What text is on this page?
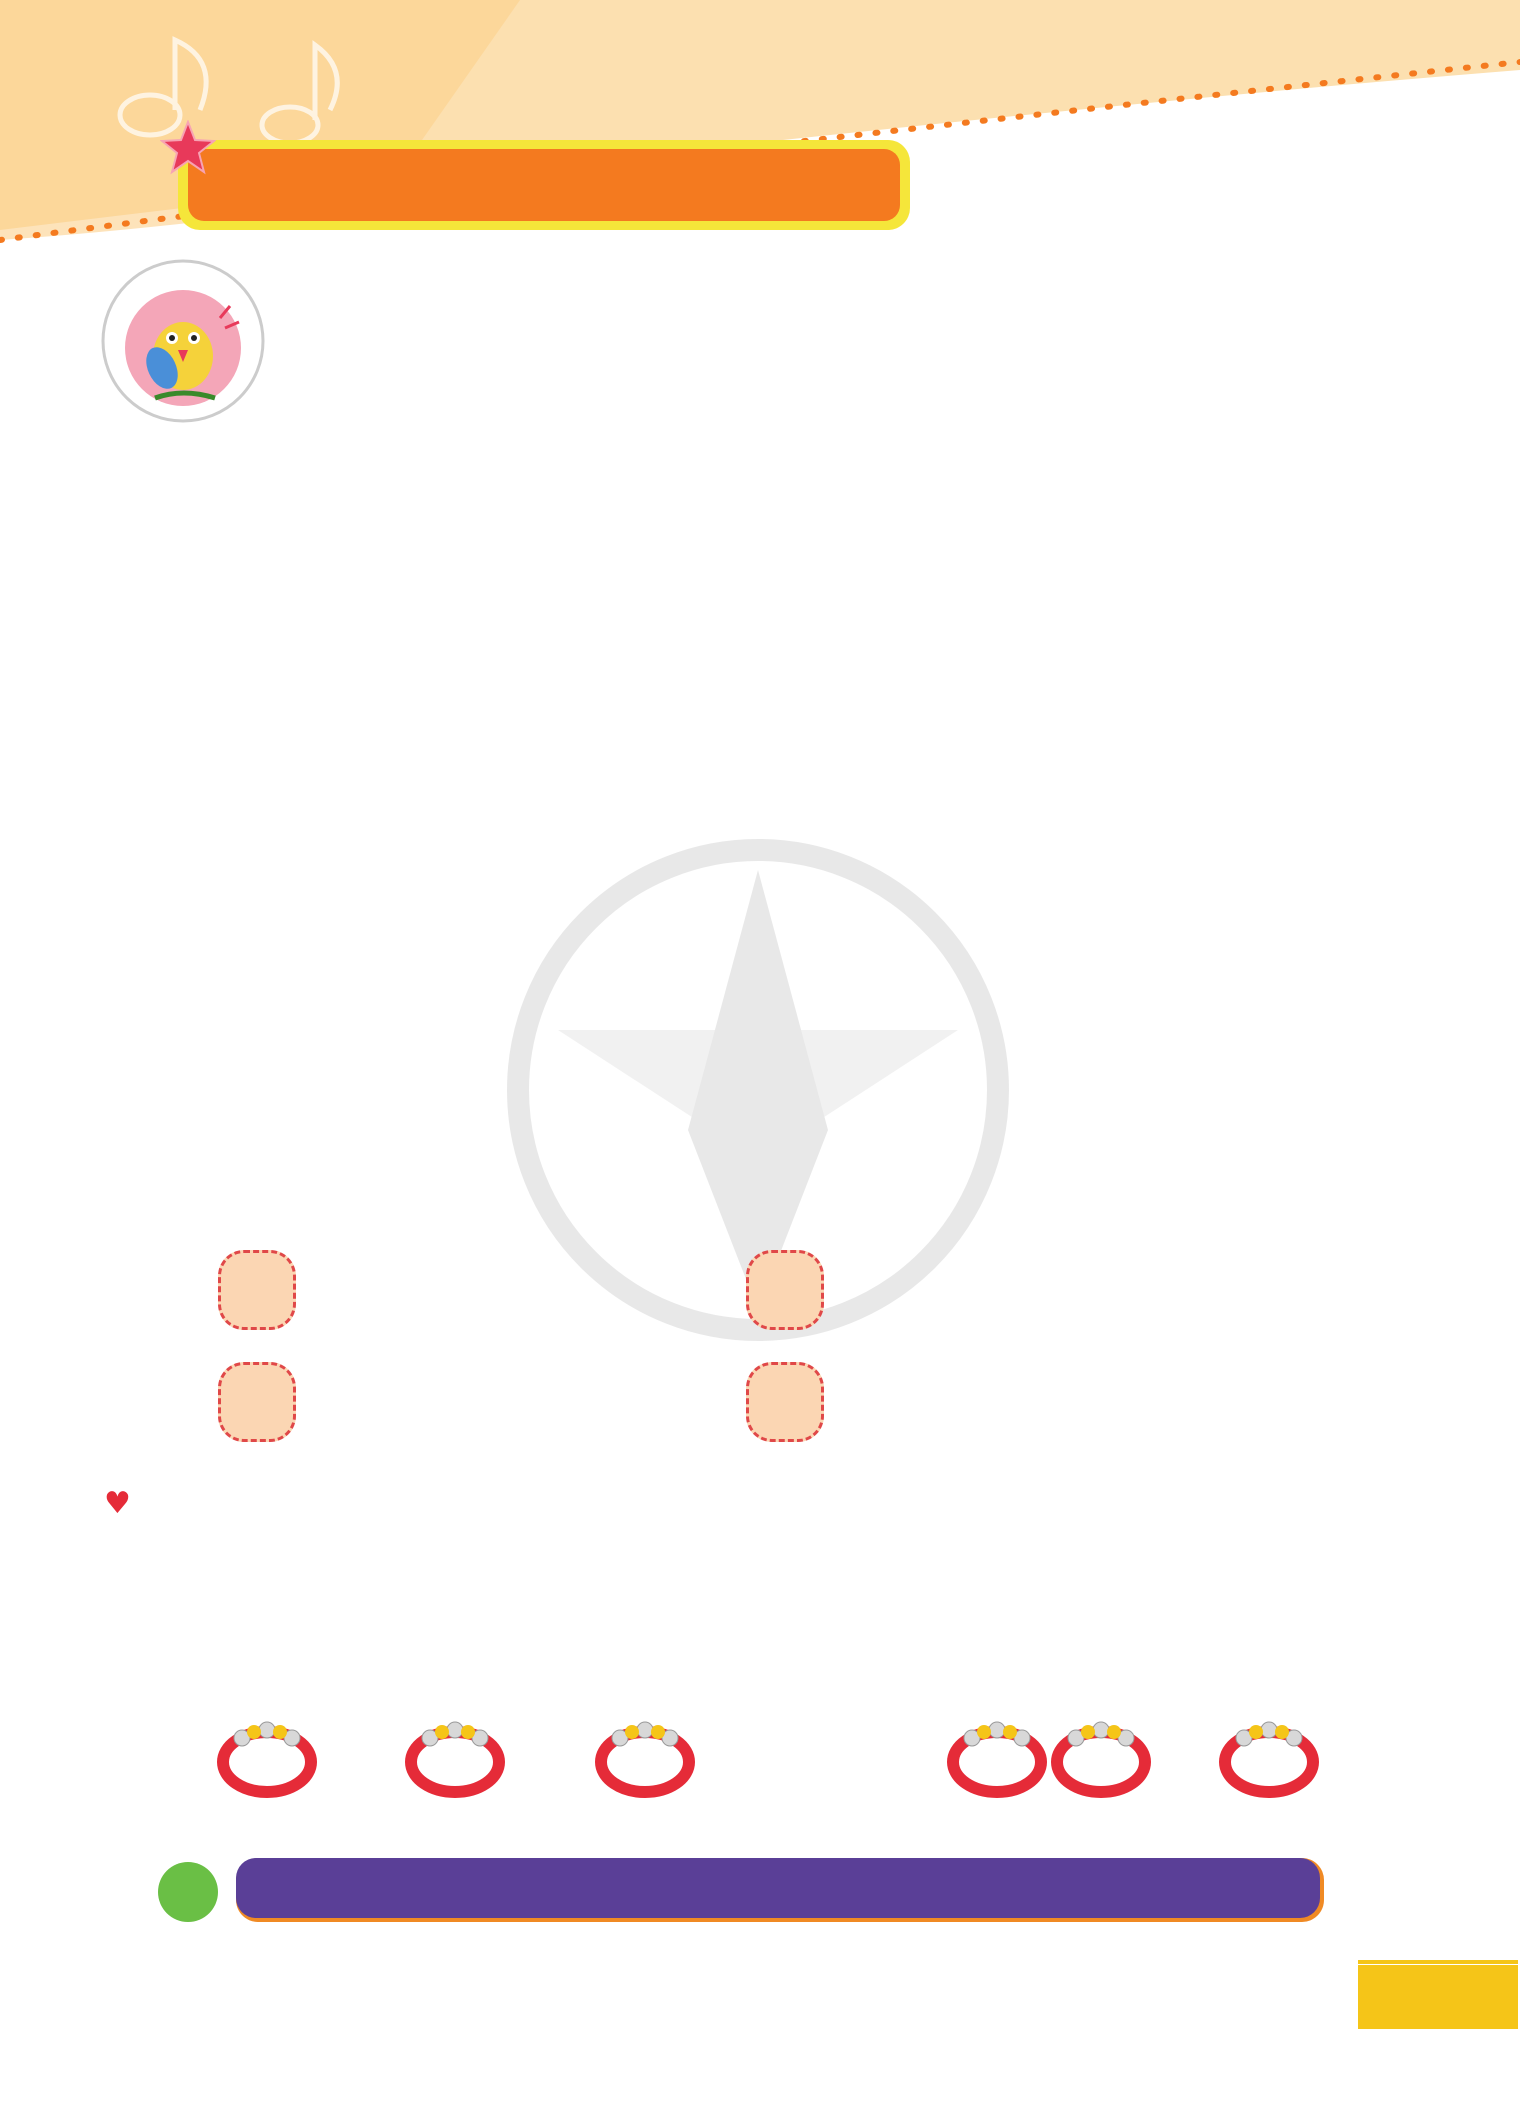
♥
